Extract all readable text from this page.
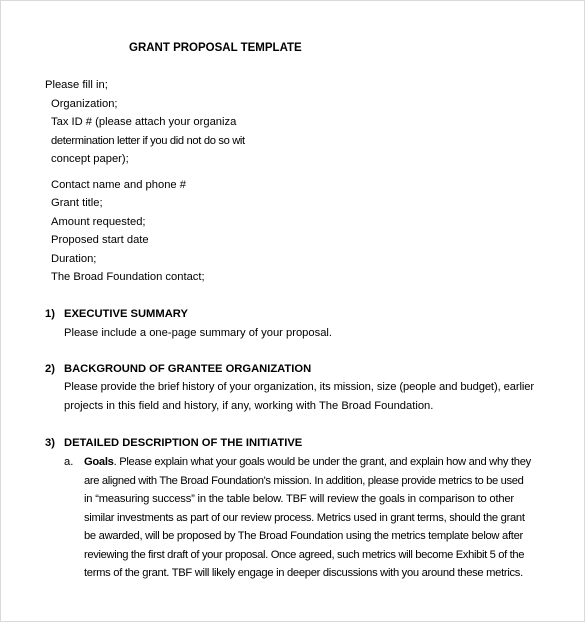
GRANT PROPOSAL TEMPLATE
Please fill in;
Organization;
Tax ID # (please attach your organiza
determination letter if you did not do so wit
concept paper);
Contact name and phone #
Grant title;
Amount requested;
Proposed start date
Duration;
The Broad Foundation contact;
1) EXECUTIVE SUMMARY
Please include a one-page summary of your proposal.
2) BACKGROUND OF GRANTEE ORGANIZATION
Please provide the brief history of your organization, its mission, size (people and budget), earlier
projects in this field and history, if any, working with The Broad Foundation.
3) DETAILED DESCRIPTION OF THE INITIATIVE
a. Goals. Please explain what your goals would be under the grant, and explain how and why they
are aligned with The Broad Foundation's mission. In addition, please provide metrics to be used
in “measuring success” in the table below. TBF will review the goals in comparison to other
similar investments as part of our review process. Metrics used in grant terms, should the grant
be awarded, will be proposed by The Broad Foundation using the metrics template below after
reviewing the first draft of your proposal. Once agreed, such metrics will become Exhibit 5 of the
terms of the grant. TBF will likely engage in deeper discussions with you around these metrics.
